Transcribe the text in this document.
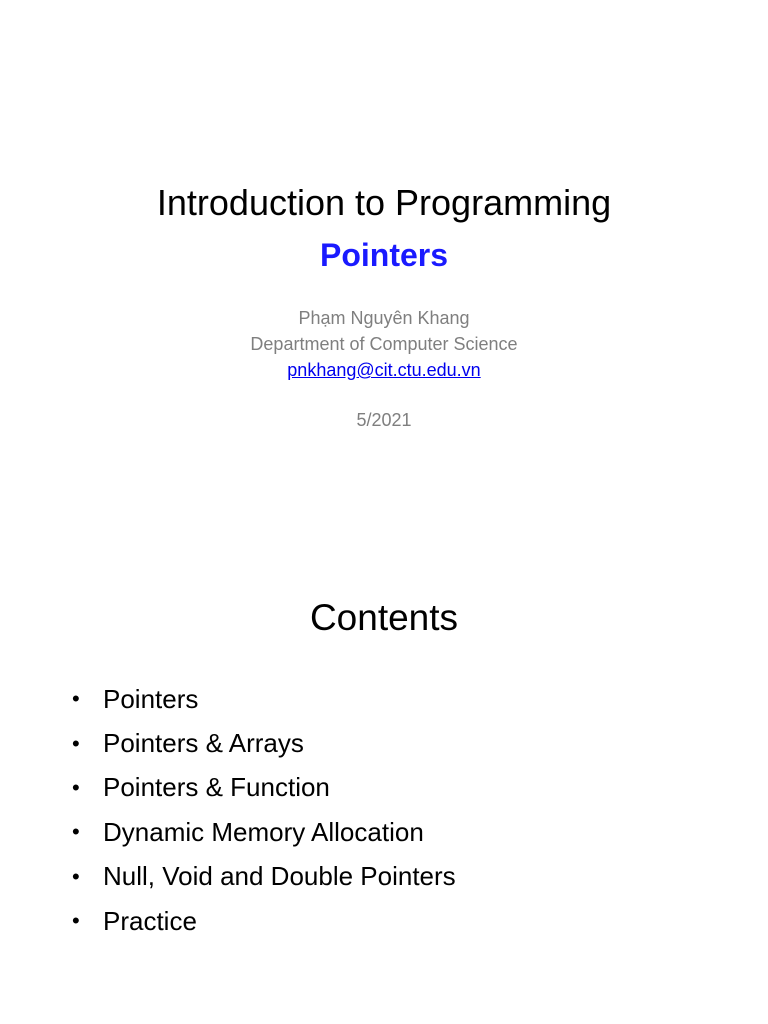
Introduction to Programming
Pointers
Phạm Nguyên Khang
Department of Computer Science
pnkhang@cit.ctu.edu.vn
5/2021
Contents
• Pointers
• Pointers & Arrays
• Pointers & Function
• Dynamic Memory Allocation
• Null, Void and Double Pointers
• Practice
